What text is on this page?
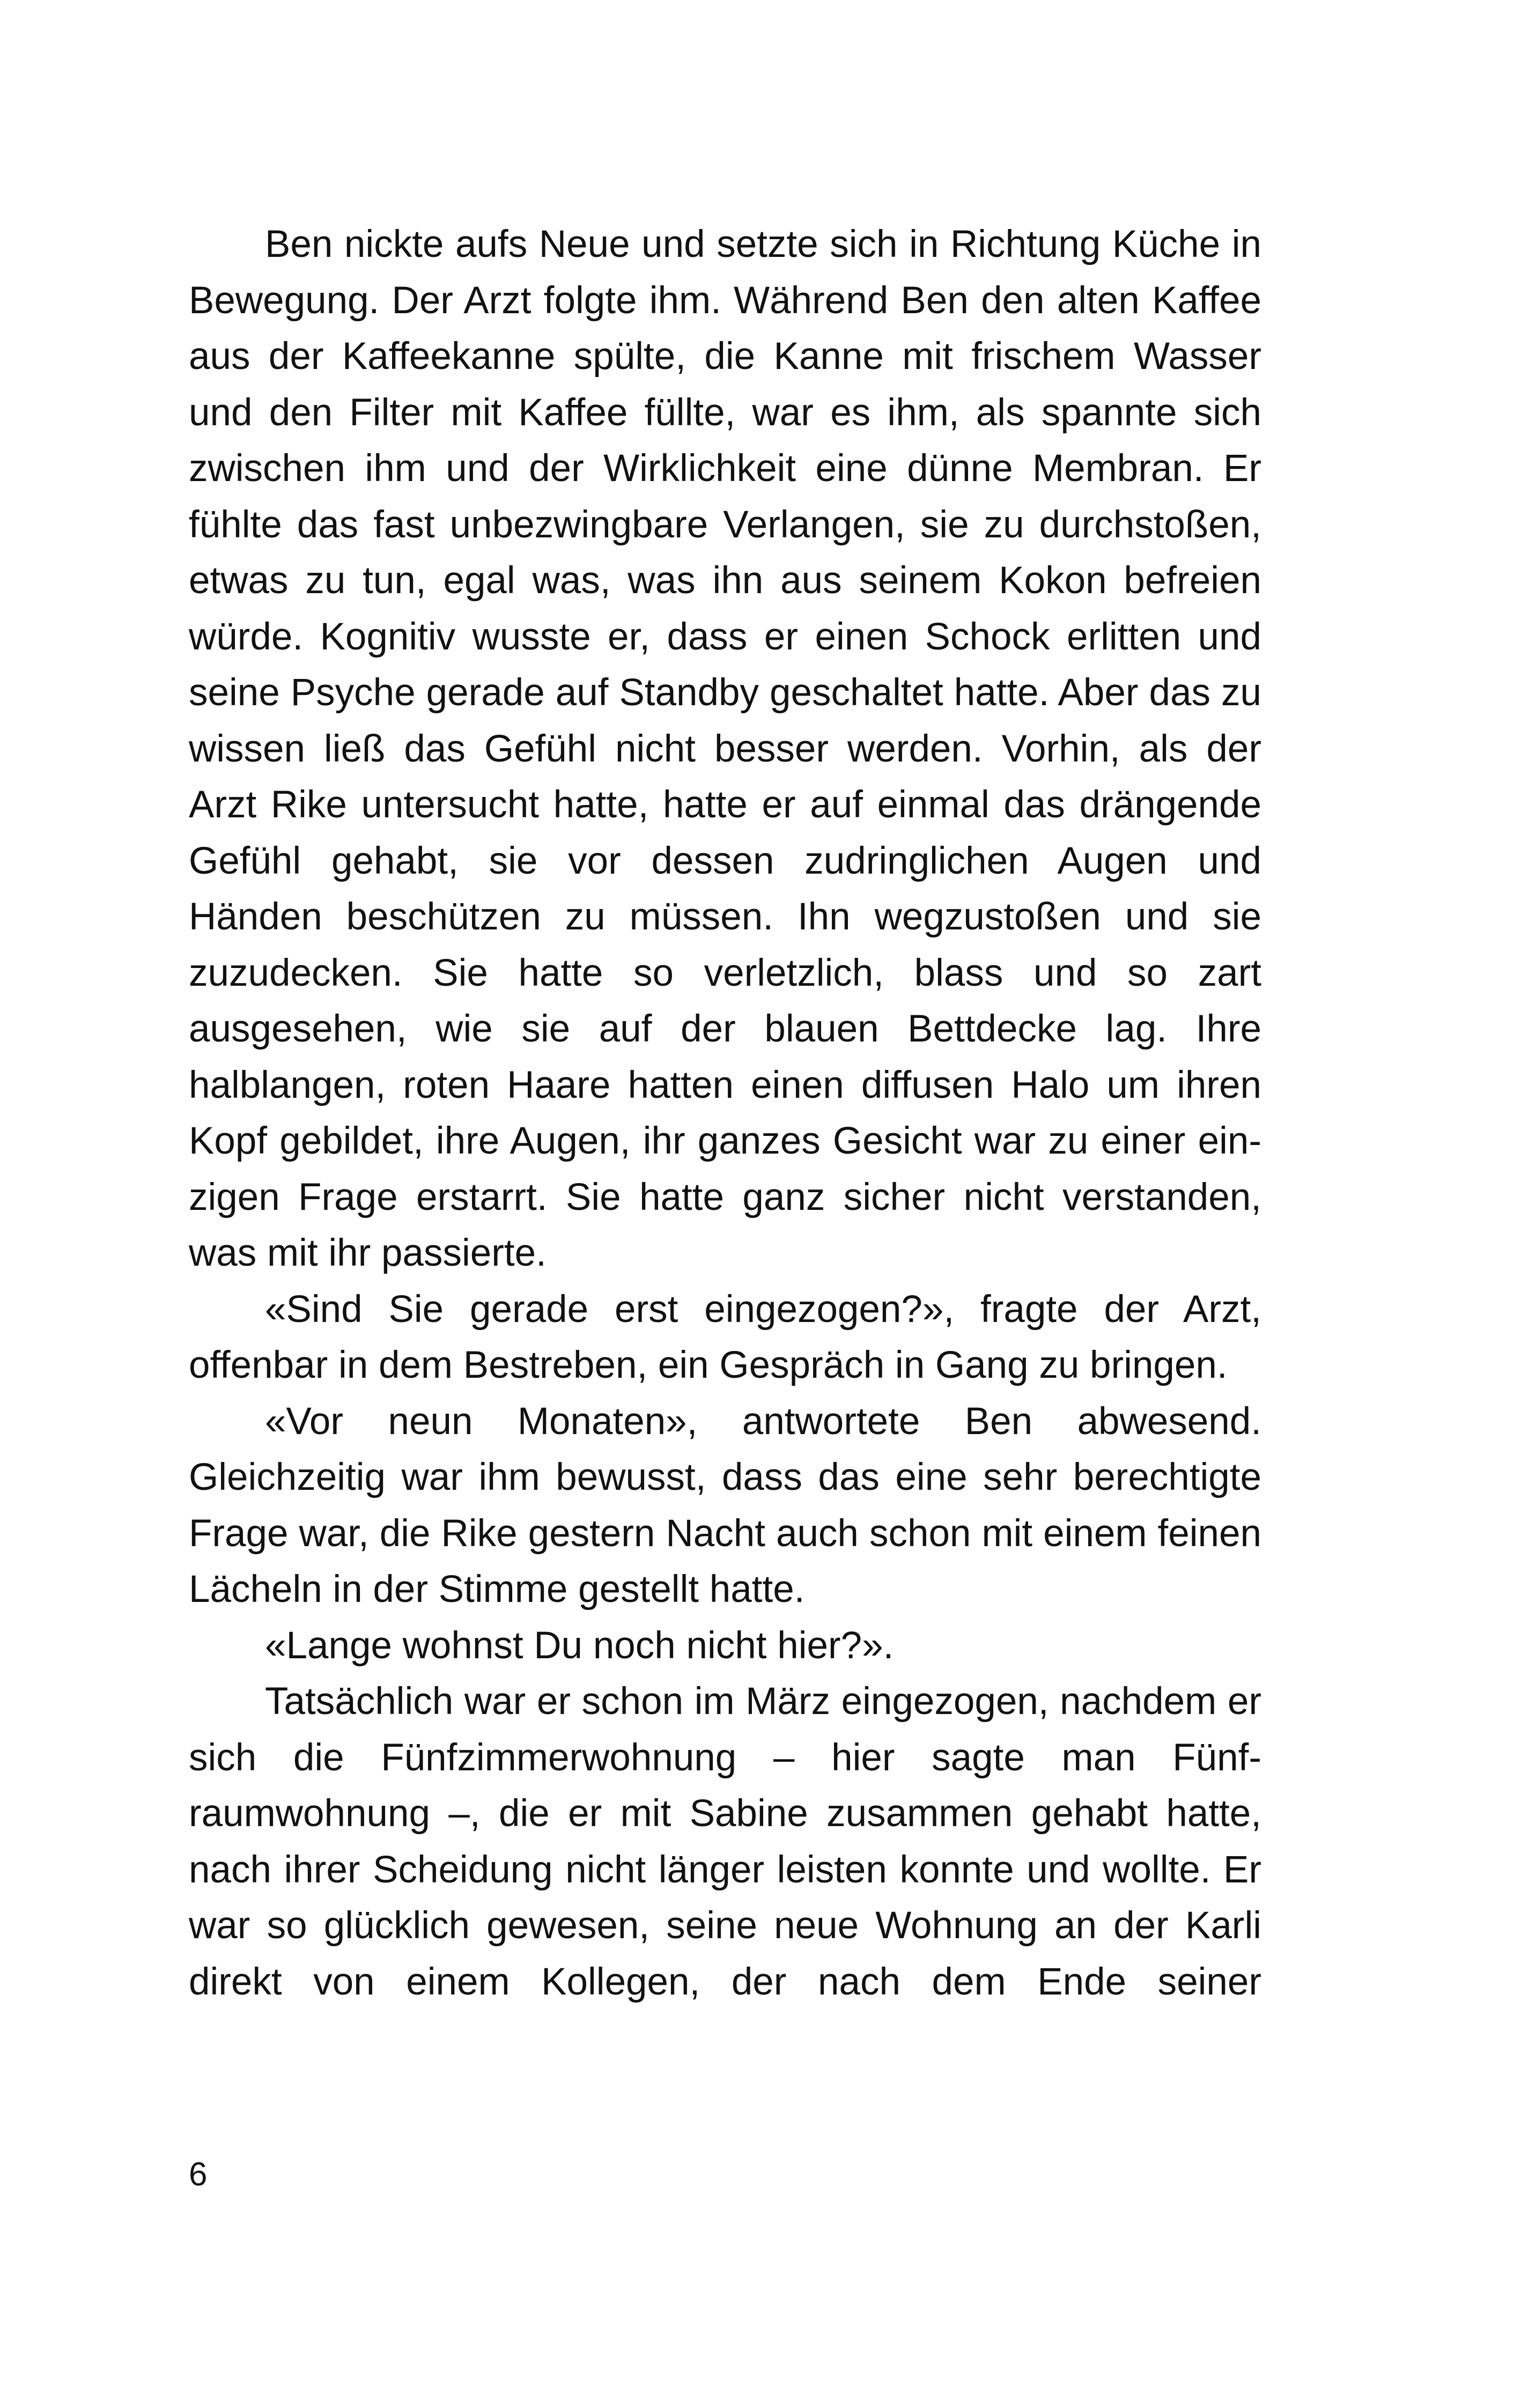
Ben nickte aufs Neue und setzte sich in Richtung Küche in Bewegung. Der Arzt folgte ihm. Während Ben den alten Kaffee aus der Kaffeekanne spülte, die Kanne mit frischem Wasser und den Filter mit Kaffee füllte, war es ihm, als spannte sich zwischen ihm und der Wirklichkeit eine dünne Membran. Er fühlte das fast unbezwingbare Verlangen, sie zu durchstoßen, etwas zu tun, egal was, was ihn aus seinem Kokon befreien würde. Kognitiv wusste er, dass er einen Schock erlitten und seine Psyche gerade auf Standby geschaltet hatte. Aber das zu wissen ließ das Gefühl nicht besser werden. Vorhin, als der Arzt Rike untersucht hatte, hatte er auf einmal das drängende Gefühl gehabt, sie vor dessen zudringlichen Augen und Händen beschützen zu müssen. Ihn wegzustoßen und sie zuzudecken. Sie hatte so verletzlich, blass und so zart ausgesehen, wie sie auf der blauen Bettdecke lag. Ihre halblangen, roten Haare hatten einen diffusen Halo um ihren Kopf gebildet, ihre Augen, ihr ganzes Gesicht war zu einer einzigen Frage erstarrt. Sie hatte ganz sicher nicht verstanden, was mit ihr passierte.

«Sind Sie gerade erst eingezogen?», fragte der Arzt, offenbar in dem Bestreben, ein Gespräch in Gang zu bringen.

«Vor neun Monaten», antwortete Ben abwesend. Gleichzeitig war ihm bewusst, dass das eine sehr berechtigte Frage war, die Rike gestern Nacht auch schon mit einem feinen Lächeln in der Stimme gestellt hatte.

«Lange wohnst Du noch nicht hier?».

Tatsächlich war er schon im März eingezogen, nachdem er sich die Fünfzimmerwohnung – hier sagte man Fünfraumwohnung –, die er mit Sabine zusammen gehabt hatte, nach ihrer Scheidung nicht länger leisten konnte und wollte. Er war so glücklich gewesen, seine neue Wohnung an der Karli direkt von einem Kollegen, der nach dem Ende seiner

6
